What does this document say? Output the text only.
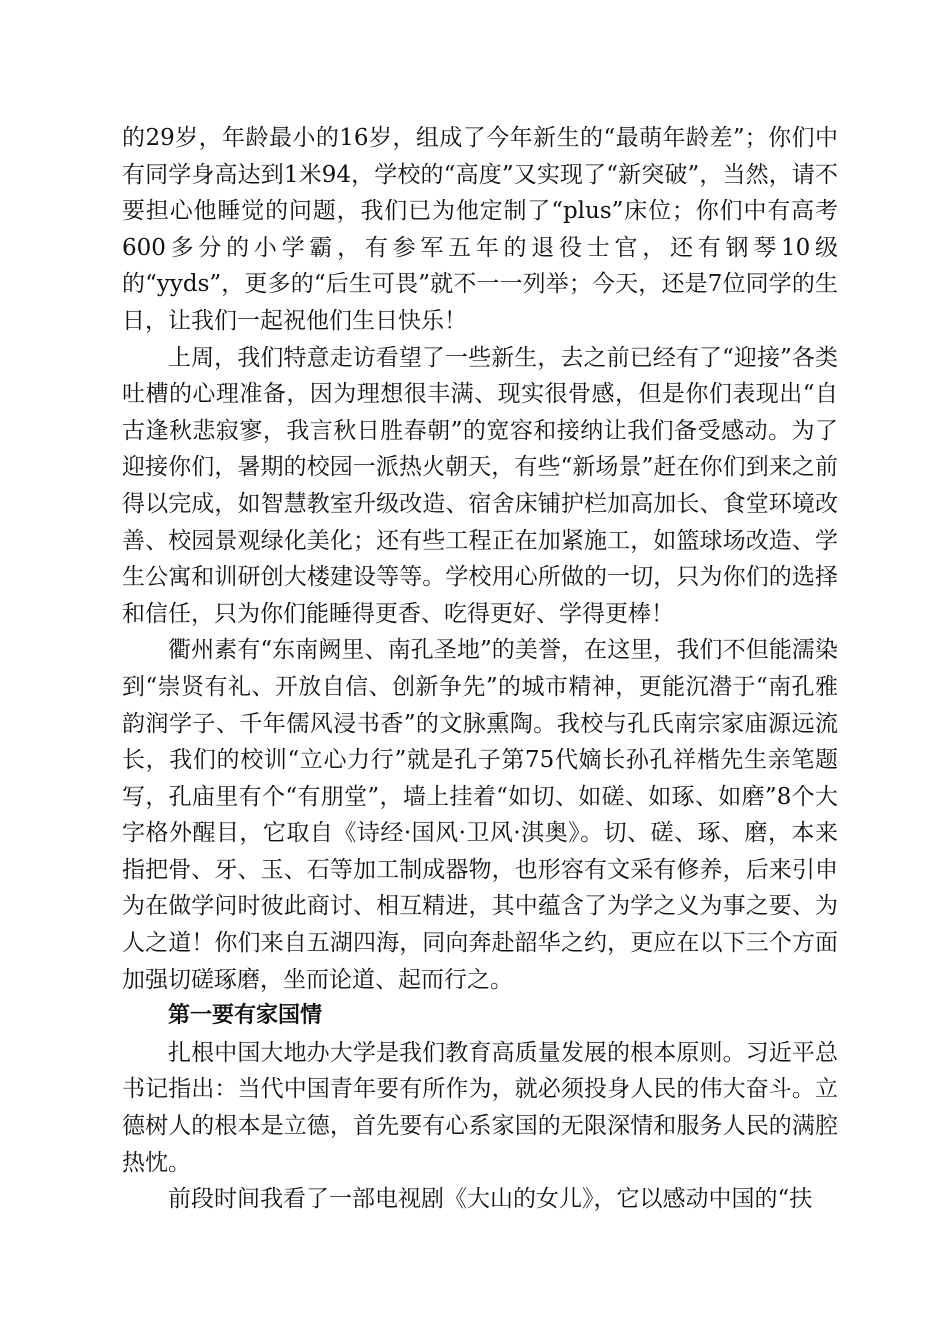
的29岁，年龄最小的16岁，组成了今年新生的“最萌年龄差”；你们中有同学身高达到1米94，学校的“高度”又实现了“新突破”，当然，请不要担心他睡觉的问题，我们已为他定制了“plus”床位；你们中有高考600多分的小学霸，有参军五年的退役士官，还有钢琴10级的“yyds”，更多的“后生可畏”就不一一列举；今天，还是7位同学的生日，让我们一起祝他们生日快乐！

上周，我们特意走访看望了一些新生，去之前已经有了“迎接”各类吐槽的心理准备，因为理想很丰满、现实很骨感，但是你们表现出“自古逢秋悲寂寥，我言秋日胜春朝”的宽容和接纳让我们备受感动。为了迎接你们，暑期的校园一派热火朝天，有些“新场景”赶在你们到来之前得以完成，如智慧教室升级改造、宿舍床铺护栏加高加长、食堂环境改善、校园景观绿化美化；还有些工程正在加紧施工，如篮球场改造、学生公寓和训研创大楼建设等等。学校用心所做的一切，只为你们的选择和信任，只为你们能睡得更香、吃得更好、学得更棒！

衢州素有“东南阙里、南孔圣地”的美誉，在这里，我们不但能濡染到“崇贤有礼、开放自信、创新争先”的城市精神，更能沉潜于“南孔雅韵润学子、千年儒风浸书香”的文脉熏陶。我校与孔氏南宗家庙源远流长，我们的校训“立心力行”就是孔子第75代嫡长孙孔祥楷先生亲笔题写，孔庙里有个“有朋堂”，墙上挂着“如切、如磋、如琢、如磨”8个大字格外醒目，它取自《诗经·国风·卫风·淇奥》。切、磋、琢、磨，本来指把骨、牙、玉、石等加工制成器物，也形容有文采有修养，后来引申为在做学问时彼此商讨、相互精进，其中蕴含了为学之义为事之要、为人之道！你们来自五湖四海，同向奔赴韶华之约，更应在以下三个方面加强切磋琢磨，坐而论道、起而行之。

第一要有家国情

扎根中国大地办大学是我们教育高质量发展的根本原则。习近平总书记指出：当代中国青年要有所作为，就必须投身人民的伟大奋斗。立德树人的根本是立德，首先要有心系家国的无限深情和服务人民的满腔热忱。

前段时间我看了一部电视剧《大山的女儿》，它以感动中国的“扶
